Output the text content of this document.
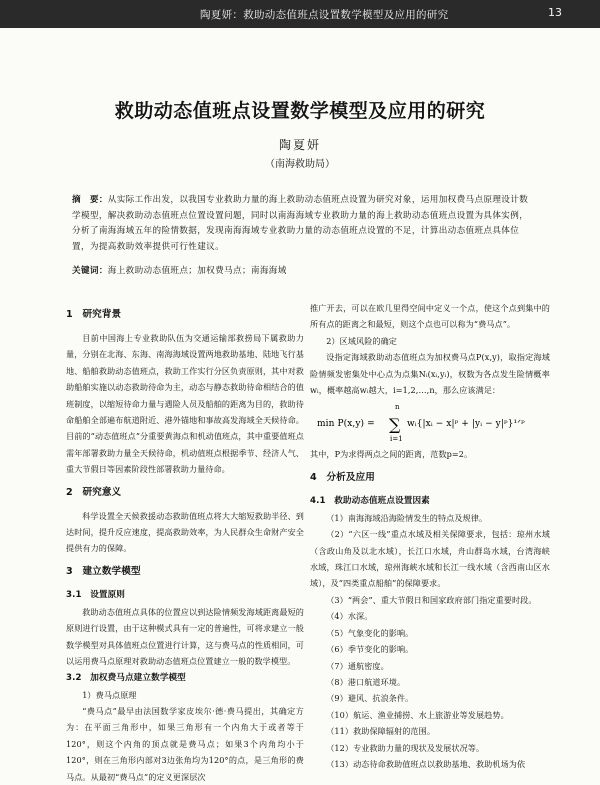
陶夏妍：救助动态值班点设置数学模型及应用的研究	13
救助动态值班点设置数学模型及应用的研究
陶夏妍
（南海救助局）
摘　要：从实际工作出发，以我国专业救助力量的海上救助动态值班点设置为研究对象，运用加权费马点原理设计数学模型，解决救助动态值班点位置设置问题，同时以南海海域专业救助力量的海上救助动态值班点设置为具体实例，分析了南海海域五年的险情数据，发现南海海域专业救助力量的动态值班点设置的不足，计算出动态值班点具体位置，为提高救助效率提供可行性建议。
关键词：海上救助动态值班点；加权费马点；南海海域
1　研究背景

目前中国海上专业救助队伍为交通运输部救捞局下属救助力量，分别在北海、东海、南海海域设置两地救助基地、陆地飞行基地、船舶救助动态值班点，救助工作实行分区负责原则，其中对救助船舶实施以动态救助待命为主，动态与静态救助待命相结合的值班制度，以缩短待命力量与遇险人员及船舶的距离为目的，救助待命船舶全部遍布航道附近、港外锚地和事故高发海域全天候待命。目前的“动态值班点”分重要黄海点和机动值班点，其中重要值班点需年部署救助力量全天候待命，机动值班点根据季节、经济人气、重大节假日等因素阶段性部署救助力量待命。

2　研究意义

科学设置全天候救援动态救助值班点将大大缩短救助半径、到达时间，提升反应速度，提高救助效率，为人民群众生命财产安全提供有力的保障。

3　建立数学模型
3.1　设置原则

救助动态值班点具体的位置应以到达险情频发海域距离最短的原则进行设置，由于这种模式具有一定的普遍性，可将求建立一般数学模型对具体值班点位置进行计算，这与费马点的性质相同，可以运用费马点原理对救助动态值班点位置建立一般的数学模型。

3.2　加权费马点建立数学模型

1）费马点原理

“费马点”最早由法国数学家皮埃尔·德·费马提出，其确定方为：在平面三角形中，如果三角形有一个内角大于或者等于120°，则这个内角的顶点就是费马点；如果3个内角均小于120°，则在三角形内部对3边张角均为120°的点，是三角形的费马点。从最初“费马点”的定义更深层次

推广开去，可以在欧几里得空间中定义一个点，使这个点到集中的所有点的距离之和最短，则这个点也可以称为“费马点”。

2）区域风险的确定

设指定海域救助动态值班点为加权费马点P(x,y)，取指定海域险情频发密集处中心点为点集Nᵢ(xᵢ,yᵢ)，权数为各点发生险情概率wᵢ，概率越高wᵢ越大，i=1,2,…,n，那么应该满足：

min P(x,y) =
n
∑
i=1
wᵢ{|xᵢ − x|ᵖ + |yᵢ − y|ᵖ}¹ᐟᵖ

其中，P为求得两点之间的距离，范数p=2。

4　分析及应用
4.1　救助动态值班点设置因素

（1）南海海域沿海险情发生的特点及规律。

（2）“六区一线”重点水域及相关保障要求，包括：琼州水域（含政山角及以北水域），长江口水域，舟山群岛水域，台湾海峡水域，珠江口水域，琼州海峡水域和长江一线水域（含西南山区水域），及“四类重点船舶”的保障要求。

（3）“两会”、重大节假日和国家政府部门指定重要时段。

（4）水深。

（5）气象变化的影响。

（6）季节变化的影响。

（7）通航密度。

（8）港口航道环境。

（9）避风、抗浪条件。

（10）航运、渔业捕捞、水上旅游业等发展趋势。

（11）救助保障辐射的范围。

（12）专业救助力量的现状及发展状况等。

（13）动态待命救助值班点以救助基地、救助机场为依
